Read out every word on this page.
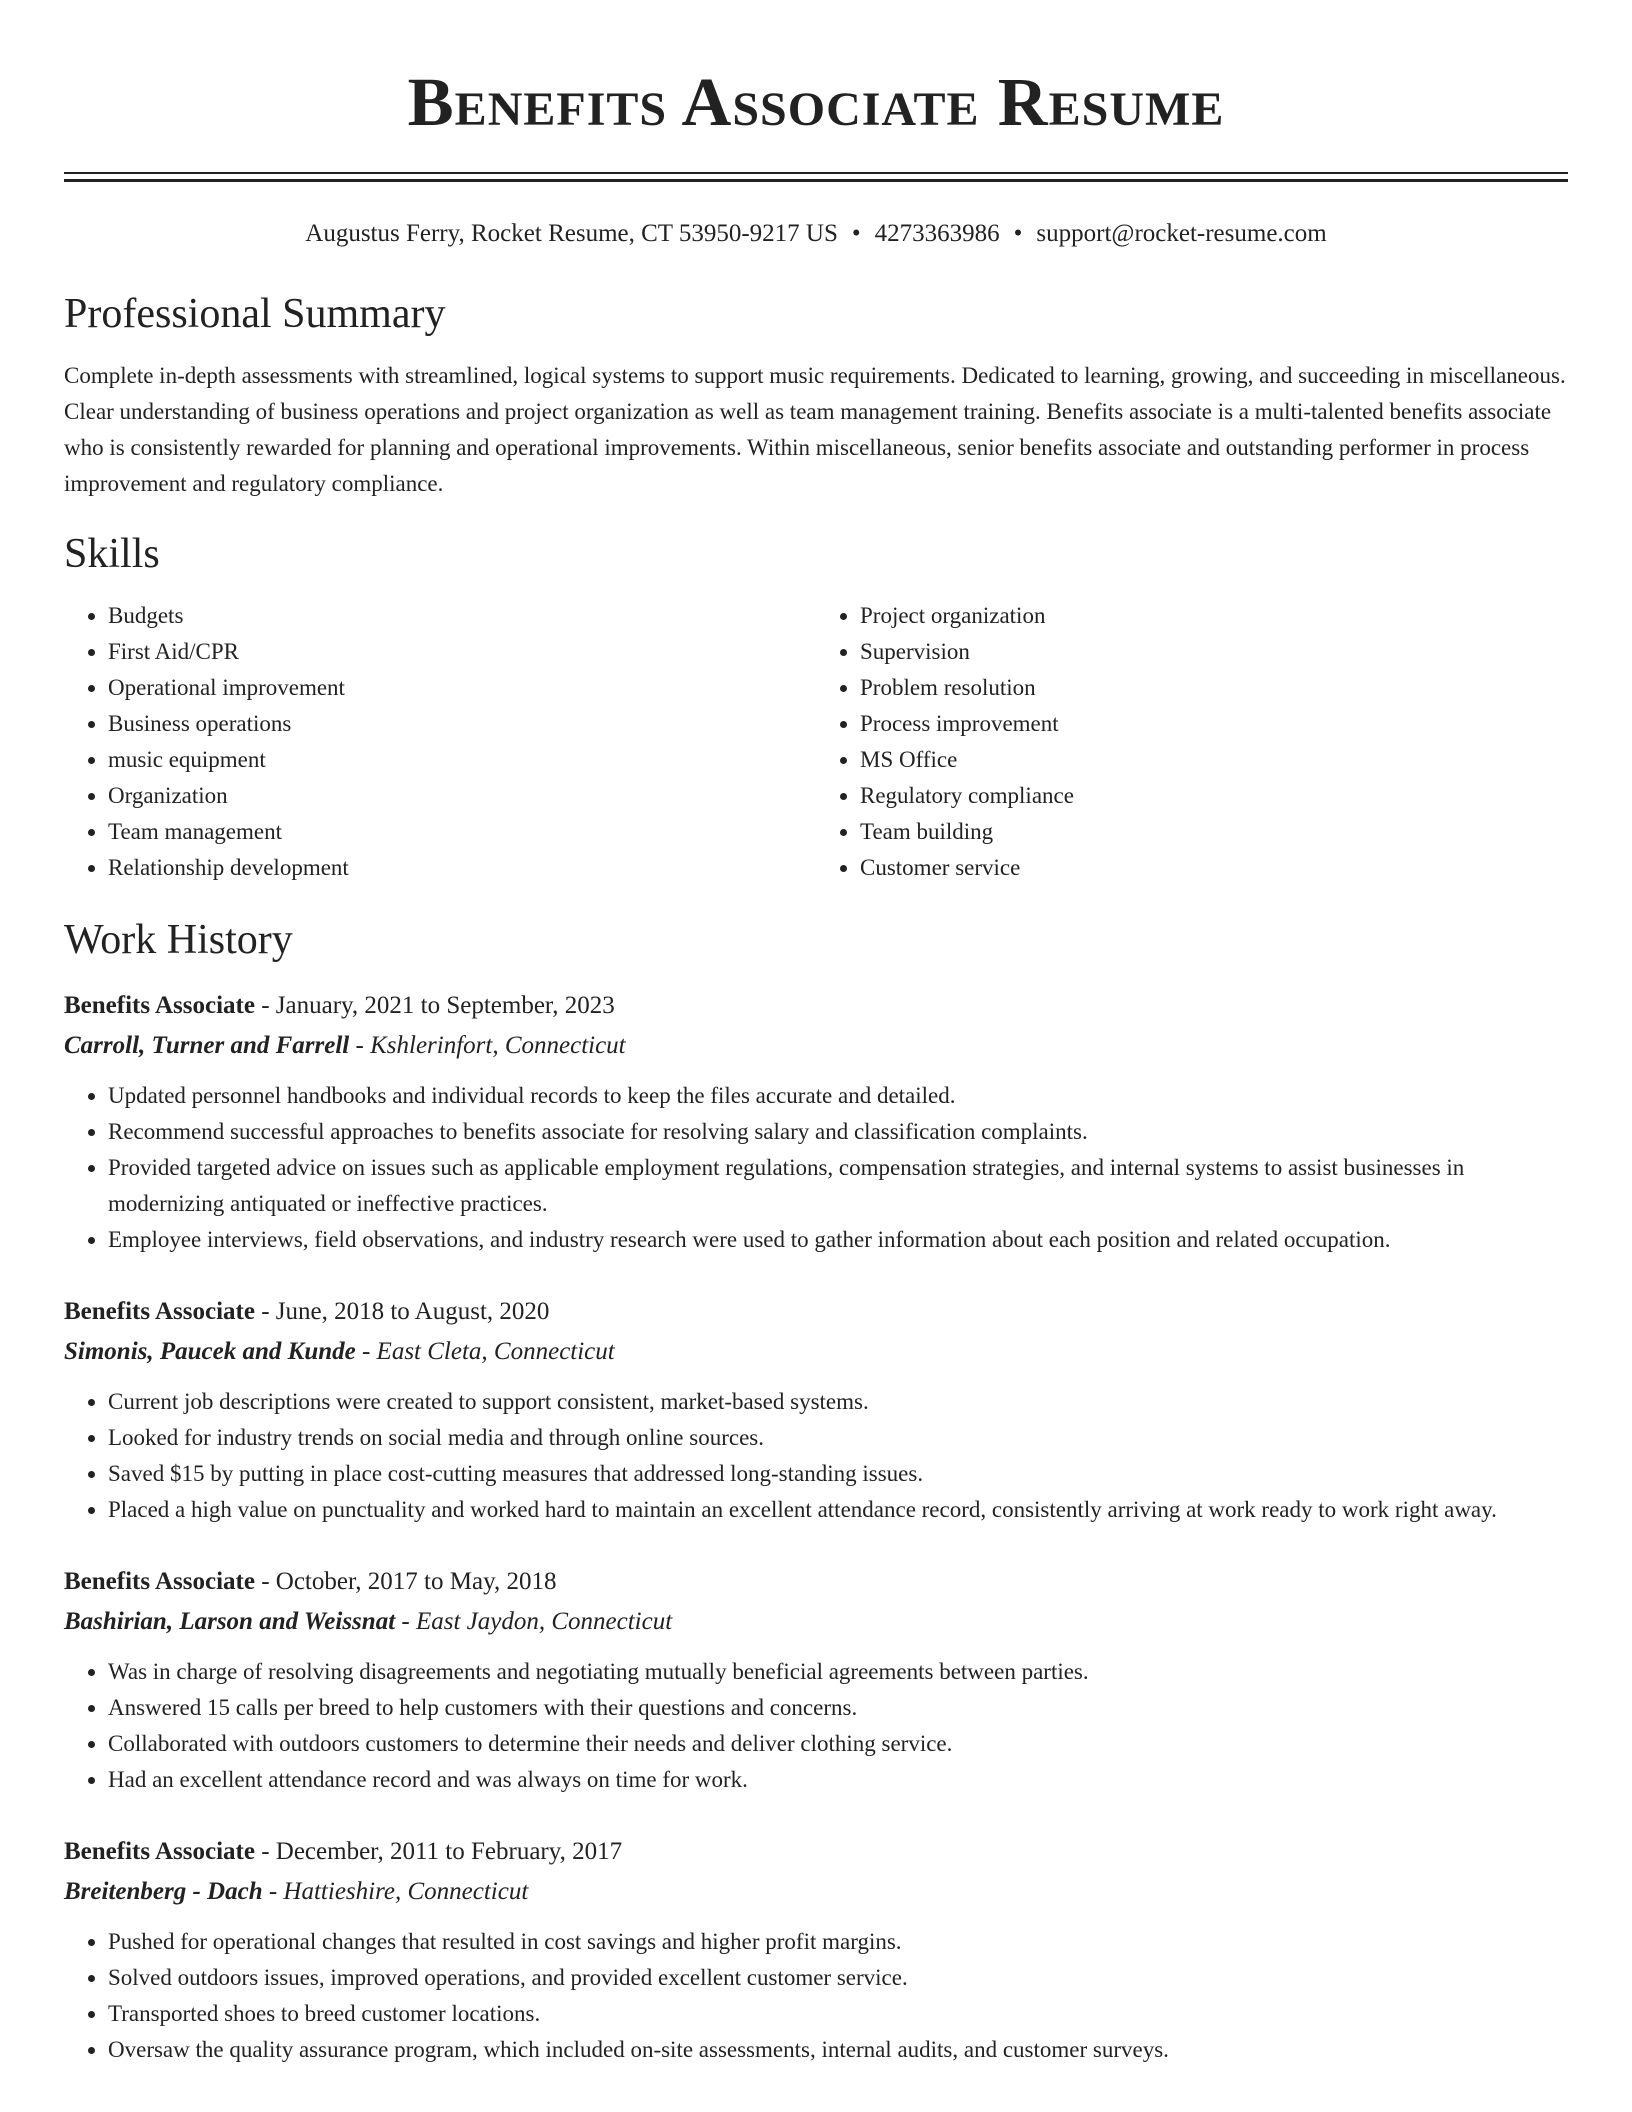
Benefits Associate Resume
Augustus Ferry, Rocket Resume, CT 53950-9217 US • 4273363986 • support@rocket-resume.com
Professional Summary
Complete in-depth assessments with streamlined, logical systems to support music requirements. Dedicated to learning, growing, and succeeding in miscellaneous. Clear understanding of business operations and project organization as well as team management training. Benefits associate is a multi-talented benefits associate who is consistently rewarded for planning and operational improvements. Within miscellaneous, senior benefits associate and outstanding performer in process improvement and regulatory compliance.
Skills
• Budgets
• First Aid/CPR
• Operational improvement
• Business operations
• music equipment
• Organization
• Team management
• Relationship development
• Project organization
• Supervision
• Problem resolution
• Process improvement
• MS Office
• Regulatory compliance
• Team building
• Customer service
Work History
Benefits Associate - January, 2021 to September, 2023
Carroll, Turner and Farrell - Kshlerinfort, Connecticut
• Updated personnel handbooks and individual records to keep the files accurate and detailed.
• Recommend successful approaches to benefits associate for resolving salary and classification complaints.
• Provided targeted advice on issues such as applicable employment regulations, compensation strategies, and internal systems to assist businesses in modernizing antiquated or ineffective practices.
• Employee interviews, field observations, and industry research were used to gather information about each position and related occupation.
Benefits Associate - June, 2018 to August, 2020
Simonis, Paucek and Kunde - East Cleta, Connecticut
• Current job descriptions were created to support consistent, market-based systems.
• Looked for industry trends on social media and through online sources.
• Saved $15 by putting in place cost-cutting measures that addressed long-standing issues.
• Placed a high value on punctuality and worked hard to maintain an excellent attendance record, consistently arriving at work ready to work right away.
Benefits Associate - October, 2017 to May, 2018
Bashirian, Larson and Weissnat - East Jaydon, Connecticut
• Was in charge of resolving disagreements and negotiating mutually beneficial agreements between parties.
• Answered 15 calls per breed to help customers with their questions and concerns.
• Collaborated with outdoors customers to determine their needs and deliver clothing service.
• Had an excellent attendance record and was always on time for work.
Benefits Associate - December, 2011 to February, 2017
Breitenberg - Dach - Hattieshire, Connecticut
• Pushed for operational changes that resulted in cost savings and higher profit margins.
• Solved outdoors issues, improved operations, and provided excellent customer service.
• Transported shoes to breed customer locations.
• Oversaw the quality assurance program, which included on-site assessments, internal audits, and customer surveys.
